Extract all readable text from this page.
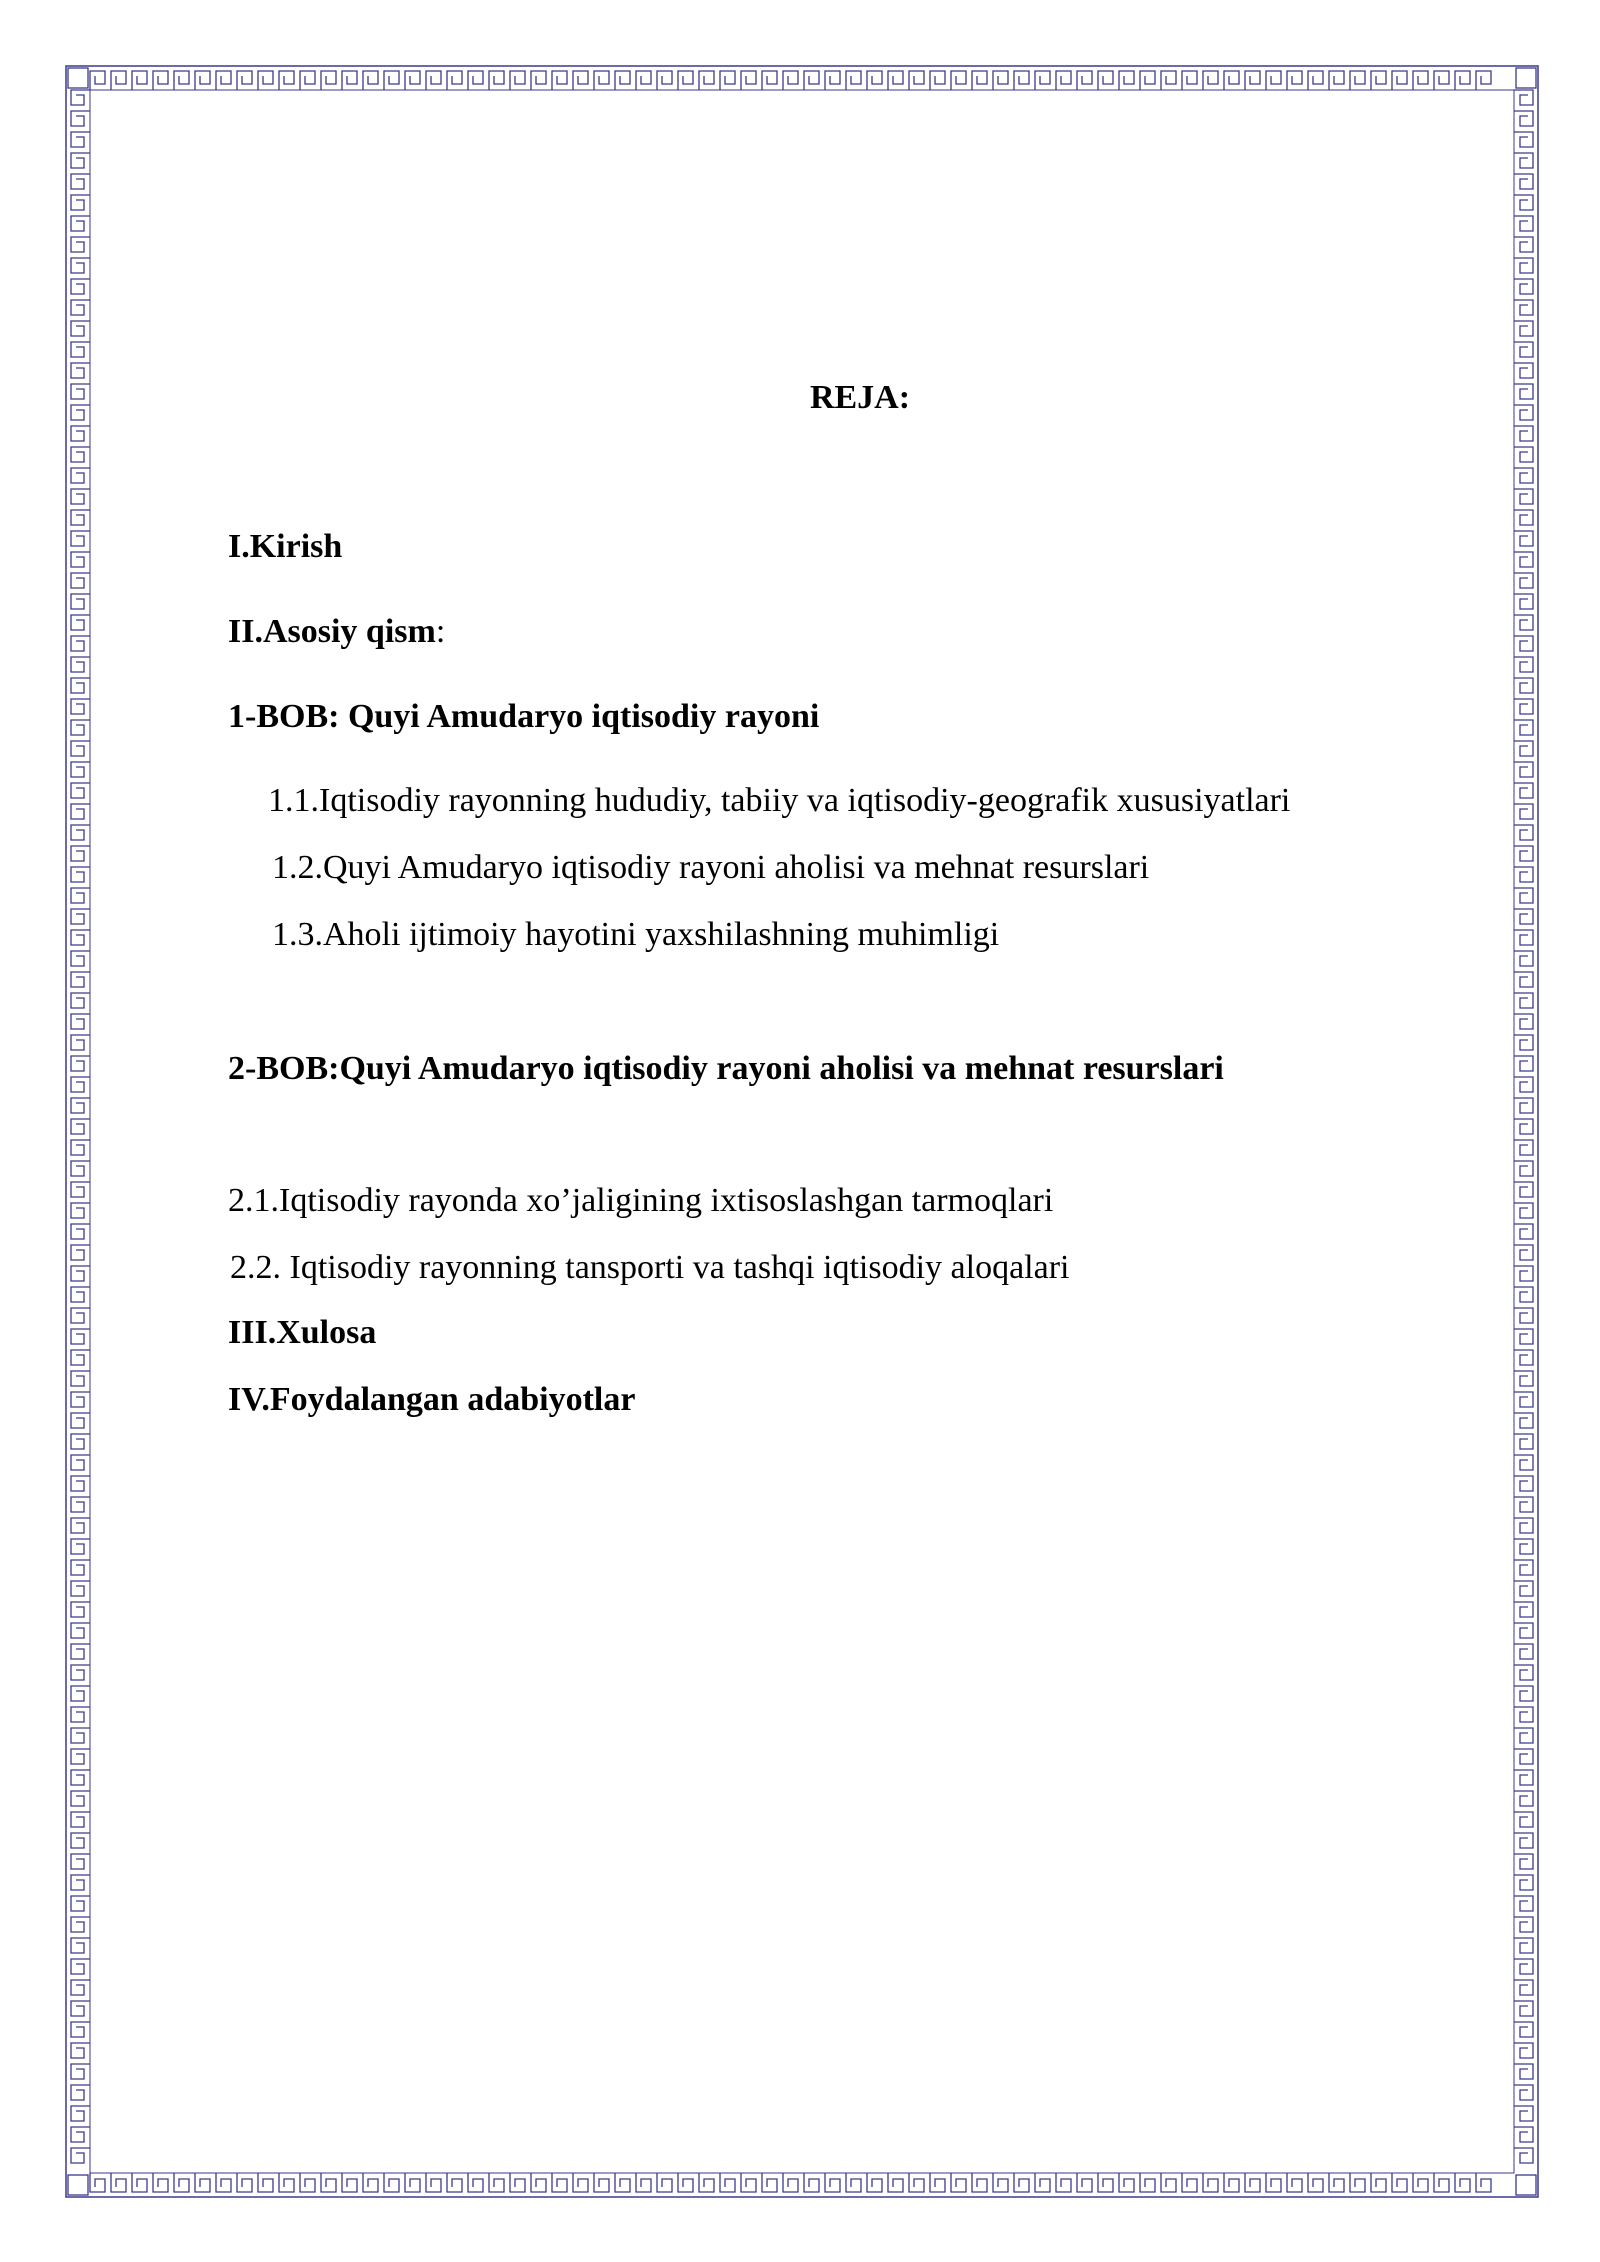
REJA:
I.Kirish
II.Asosiy qism:
1-BOB: Quyi Amudaryo iqtisodiy rayoni
1.1.Iqtisodiy rayonning hududiy, tabiiy va iqtisodiy-geografik xususiyatlari
1.2.Quyi Amudaryo iqtisodiy rayoni aholisi va mehnat resurslari
1.3.Aholi ijtimoiy hayotini yaxshilashning muhimligi
2-BOB:Quyi Amudaryo iqtisodiy rayoni aholisi va mehnat resurslari
2.1.Iqtisodiy rayonda xo’jaligining ixtisoslashgan tarmoqlari
2.2. Iqtisodiy rayonning tansporti va tashqi iqtisodiy aloqalari
III.Xulosa
IV.Foydalangan adabiyotlar
